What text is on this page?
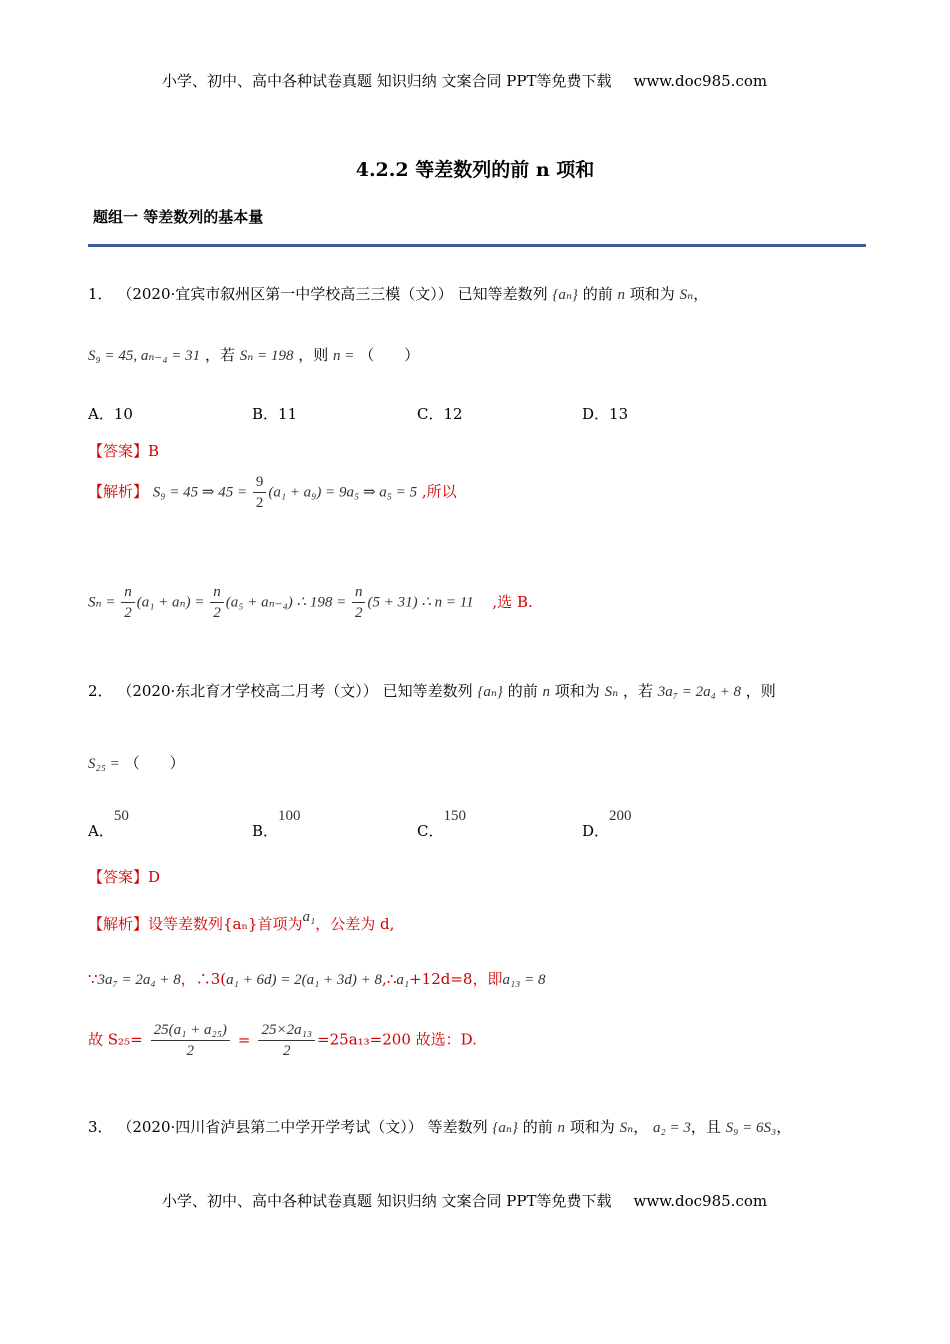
小学、初中、高中各种试卷真题 知识归纳 文案合同 PPT等免费下载 www.doc985.com
4.2.2 等差数列的前 n 项和
题组一 等差数列的基本量
1． （2020·宜宾市叙州区第一中学校高三三模（文）） 已知等差数列 {aₙ} 的前 n 项和为 Sₙ，
S₉ = 45, aₙ₋₄ = 31 ，若 Sₙ = 198 ，则 n = （　　）
A．10	B．11	C．12	D．13
【答案】B
【解析】 S₉ = 45 ⇒ $45 = \frac{9}{2} (a_1 + a_9) = 9a_5$ ⇒ a₅ = 5 ,所以
$S_n = \frac{n}{2} (a_1 + a_n) = \frac{n}{2} (a_5 + a_{n-4})$ ∴ $198 = \frac{n}{2} (5 + 31)$ ∴ n = 11 ,选 B.
2． （2020·东北育才学校高二月考（文）） 已知等差数列 {aₙ} 的前 n 项和为 Sₙ ，若 3a₇ = 2a₄ + 8 ，则
S₂₅ = （　　）
A．50
B．100
C．150
D．200
【答案】D
【解析】设等差数列{aₙ}首项为a₁，公差为 d,
∵3a₇ = 2a₄ + 8，∴3(a₁ + 6d) = 2(a₁ + 3d) + 8,∴a₁+12d=8，即a₁₃ = 8
故 $S_{25}= \frac{\text{25(a₁ + a₂₅)}}{2} = \frac{\text{25×2a₁₃}}{2} =25a_{13}=200$ 故选：D.
3． （2020·四川省泸县第二中学开学考试（文）） 等差数列 {aₙ} 的前 n 项和为 Sₙ， a₂ = 3，且 S₉ = 6S₃，
小学、初中、高中各种试卷真题 知识归纳 文案合同 PPT等免费下载 www.doc985.com
